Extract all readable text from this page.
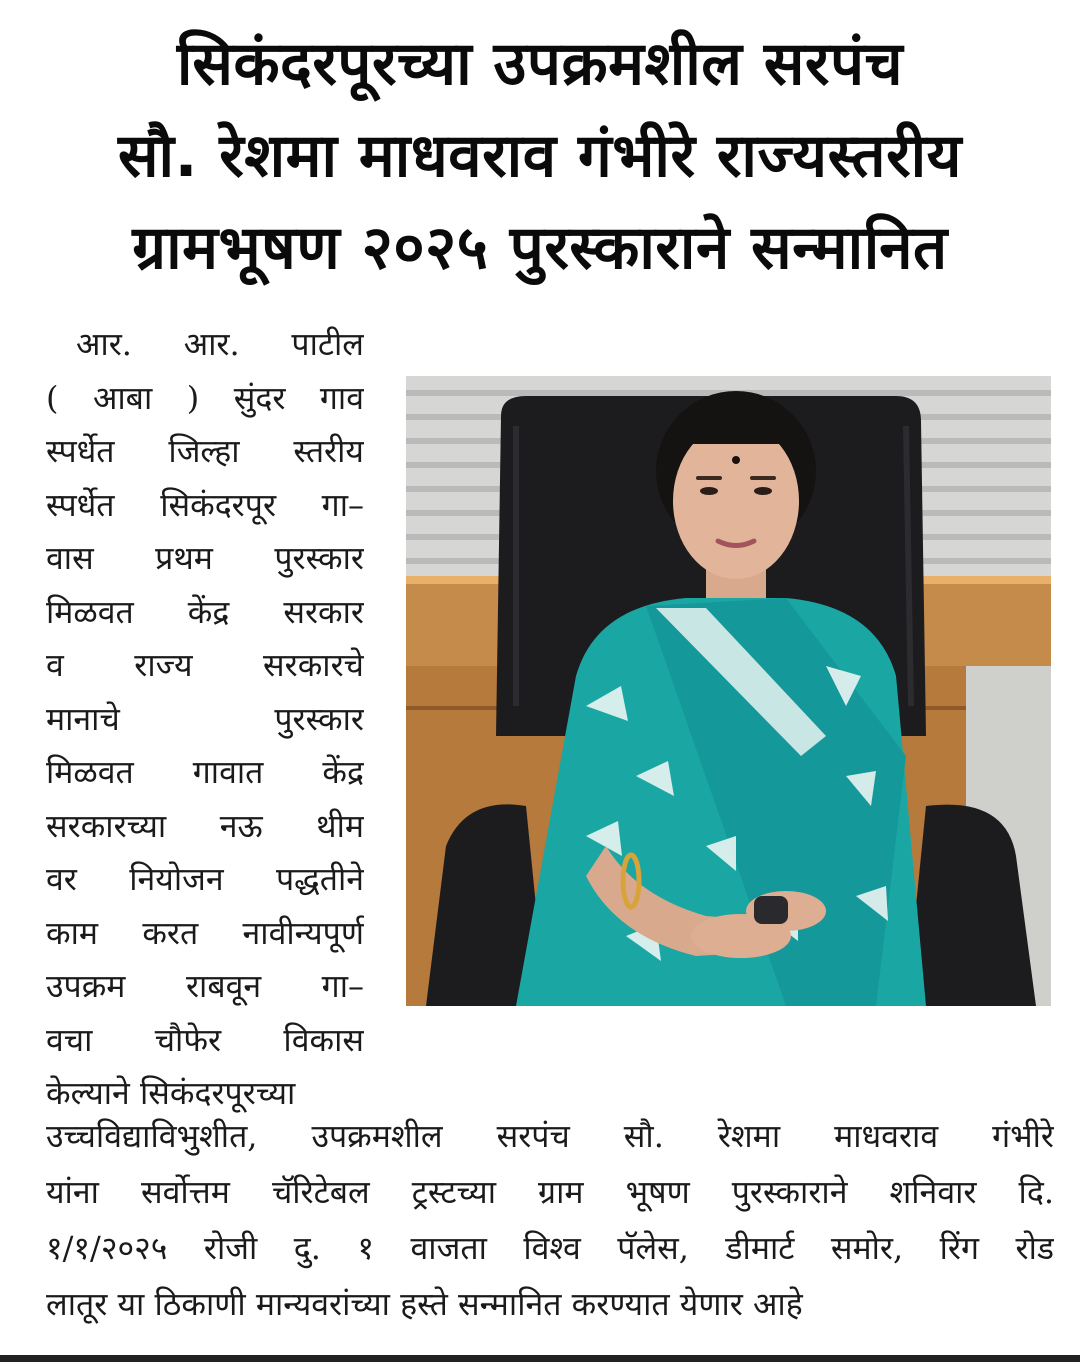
सिकंदरपूरच्या उपक्रमशील सरपंच
सौ. रेशमा माधवराव गंभीरे राज्यस्तरीय
ग्रामभूषण २०२५ पुरस्काराने सन्मानित
आर. आर. पाटील
( आबा ) सुंदर गाव
स्पर्धेत जिल्हा स्तरीय
स्पर्धेत सिकंदरपूर गा–
वास प्रथम पुरस्कार
मिळवत केंद्र सरकार
व राज्य सरकारचे
मानाचे पुरस्कार
मिळवत गावात केंद्र
सरकारच्या नऊ थीम
वर नियोजन पद्धतीने
काम करत नावीन्यपूर्ण
उपक्रम राबवून गा–
वचा चौफेर विकास
केल्याने सिकंदरपूरच्या
उच्चविद्याविभुशीत, उपक्रमशील सरपंच सौ. रेशमा माधवराव गंभीरे
यांना सर्वोत्तम चॅरिटेबल ट्रस्टच्या ग्राम भूषण पुरस्काराने शनिवार दि.
१/१/२०२५ रोजी दु. १ वाजता विश्व पॅलेस, डीमार्ट समोर, रिंग रोड
लातूर या ठिकाणी मान्यवरांच्या हस्ते सन्मानित करण्यात येणार आहे
